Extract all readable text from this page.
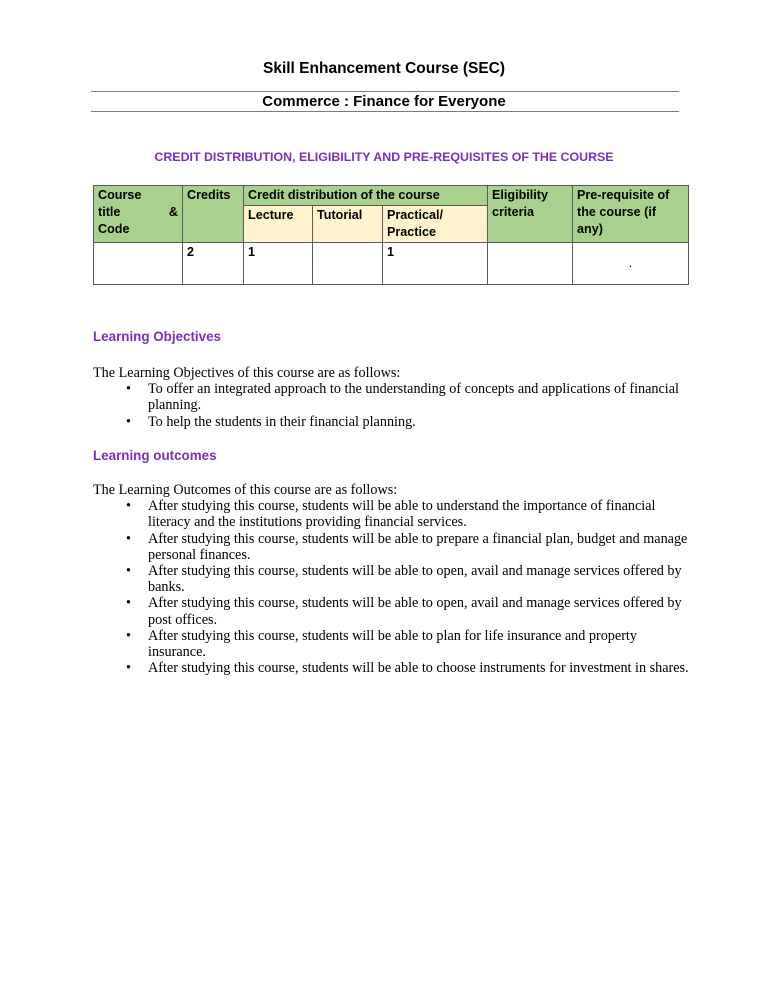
Skill Enhancement Course (SEC)
Commerce : Finance for Everyone
CREDIT DISTRIBUTION, ELIGIBILITY AND PRE-REQUISITES OF THE COURSE
Course
title &
Code	Credits	Credit distribution of the course			Eligibility criteria	Pre-requisite of the course (if any)
		Lecture	Tutorial	Practical/ Practice		
	2	1		1		.
Learning Objectives

The Learning Objectives of this course are as follows:

• To offer an integrated approach to the understanding of concepts and applications of financial planning.
• To help the students in their financial planning.
Learning outcomes

The Learning Outcomes of this course are as follows:

• After studying this course, students will be able to understand the importance of financial literacy and the institutions providing financial services.
• After studying this course, students will be able to prepare a financial plan, budget and manage personal finances.
• After studying this course, students will be able to open, avail and manage services offered by banks.
• After studying this course, students will be able to open, avail and manage services offered by post offices.
• After studying this course, students will be able to plan for life insurance and property insurance.
• After studying this course, students will be able to choose instruments for investment in shares.
